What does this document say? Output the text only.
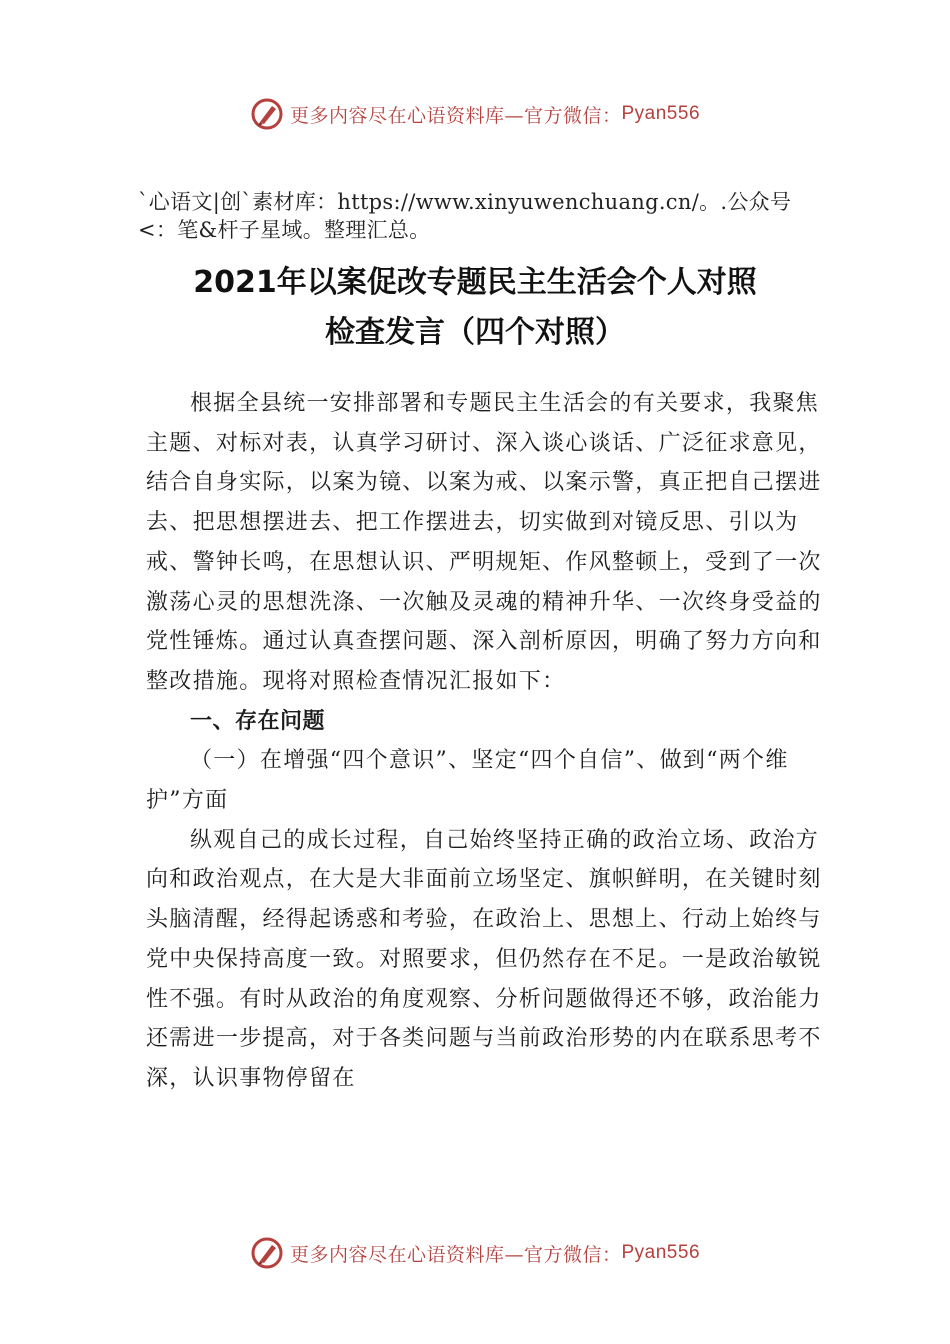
更多内容尽在心语资料库—官方微信： Pyan556
`心语文|创`素材库：https://www.xinyuwenchuang.cn/。.公众号<：笔&杆子星域。整理汇总。
2021年以案促改专题民主生活会个人对照
检查发言（四个对照）

根据全县统一安排部署和专题民主生活会的有关要求，我聚焦主题、对标对表，认真学习研讨、深入谈心谈话、广泛征求意见，结合自身实际，以案为镜、以案为戒、以案示警，真正把自己摆进去、把思想摆进去、把工作摆进去，切实做到对镜反思、引以为戒、警钟长鸣，在思想认识、严明规矩、作风整顿上，受到了一次激荡心灵的思想洗涤、一次触及灵魂的精神升华、一次终身受益的党性锤炼。通过认真查摆问题、深入剖析原因，明确了努力方向和整改措施。现将对照检查情况汇报如下：

一、存在问题

（一）在增强“四个意识”、坚定“四个自信”、做到“两个维护”方面

纵观自己的成长过程，自己始终坚持正确的政治立场、政治方向和政治观点，在大是大非面前立场坚定、旗帜鲜明，在关键时刻头脑清醒，经得起诱惑和考验，在政治上、思想上、行动上始终与党中央保持高度一致。对照要求，但仍然存在不足。一是政治敏锐性不强。有时从政治的角度观察、分析问题做得还不够，政治能力还需进一步提高，对于各类问题与当前政治形势的内在联系思考不深，认识事物停留在

更多内容尽在心语资料库—官方微信： Pyan556
